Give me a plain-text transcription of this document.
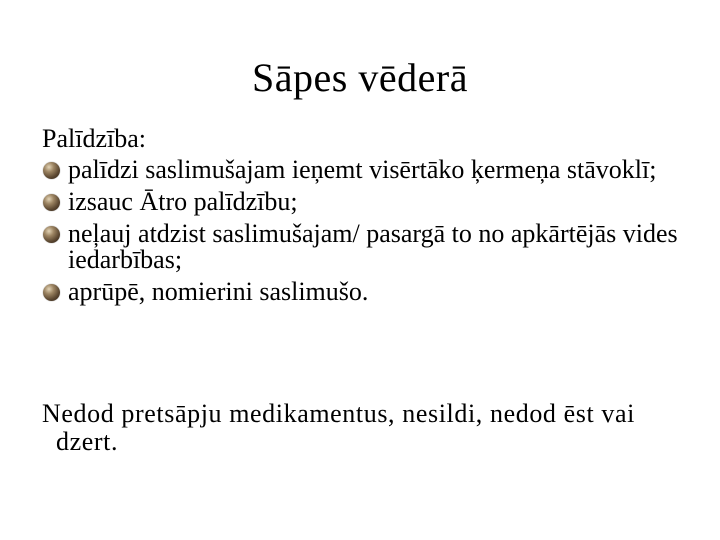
Sāpes vēderā
Palīdzība:
palīdzi saslimušajam ieņemt visērtāko ķermeņa stāvoklī;
izsauc Ātro palīdzību;
neļauj atdzist saslimušajam/ pasargā to no apkārtējās vides iedarbības;
aprūpē, nomierini saslimušo.
Nedod pretsāpju medikamentus, nesildi, nedod ēst vai dzert.
